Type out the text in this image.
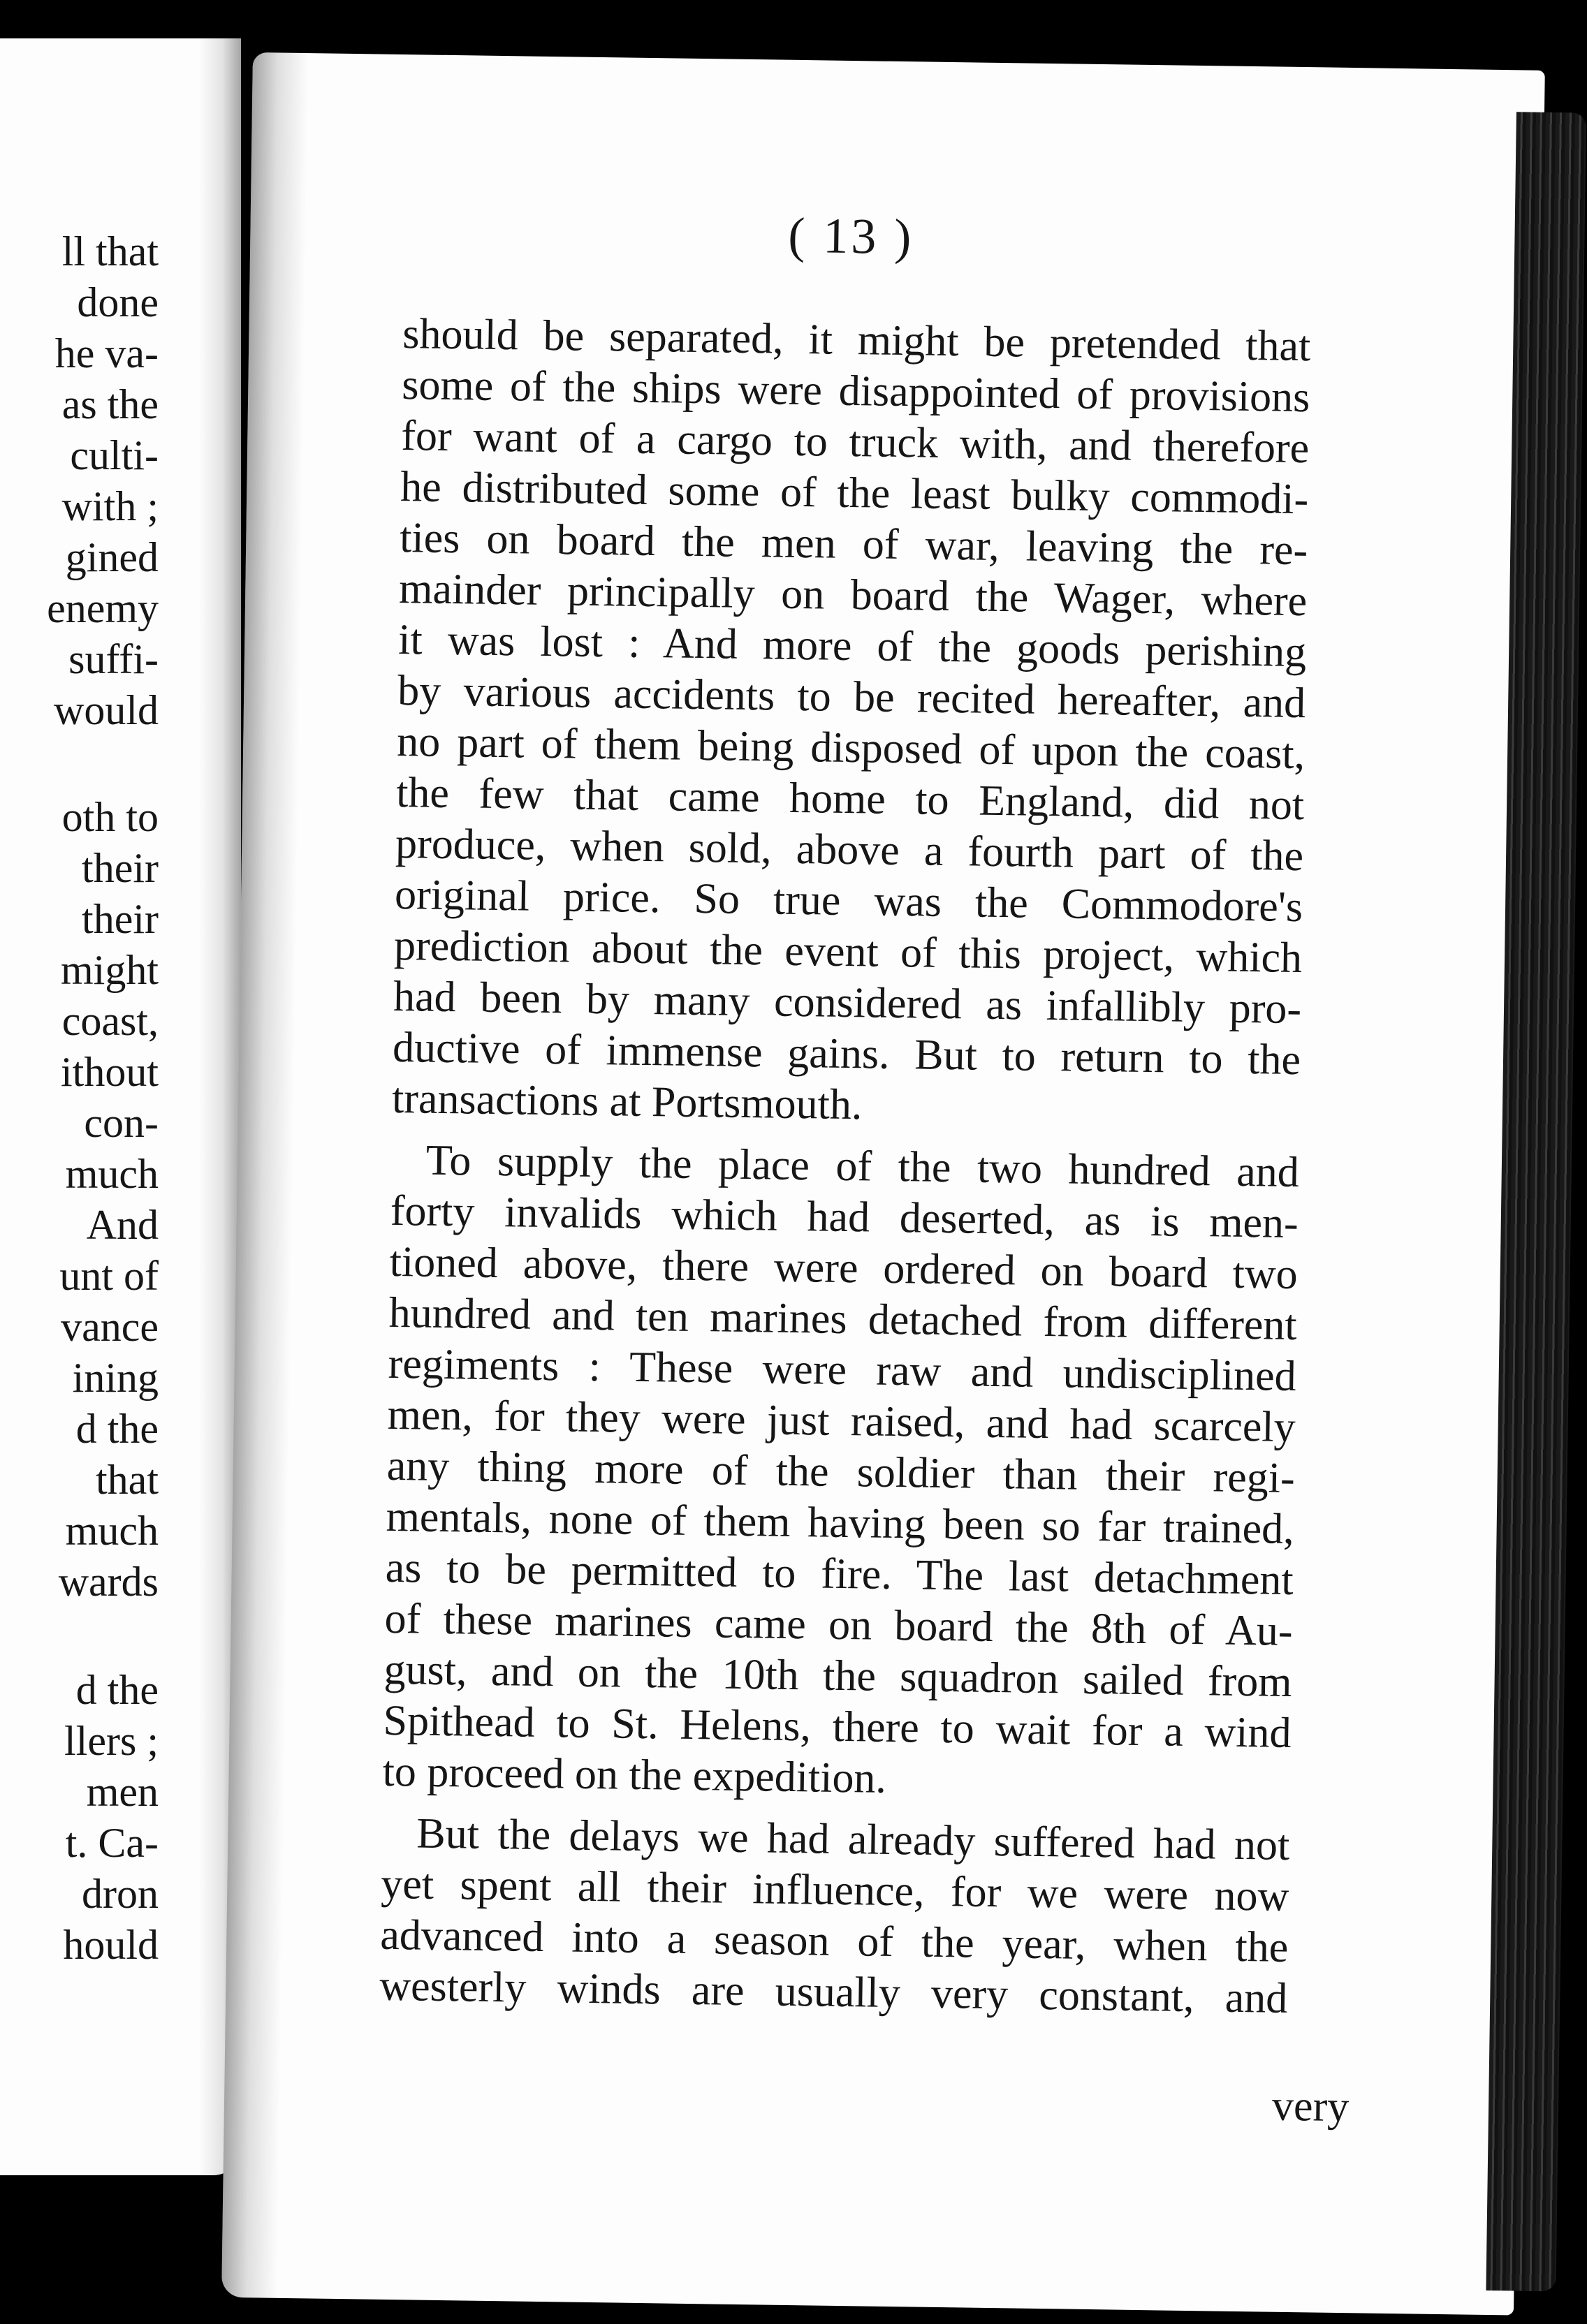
ll that
done
he va-
as the
culti-
with ;
gined
enemy
suffi-
would
oth to
their
their
might
coast,
ithout
con-
much
And
unt of
vance
ining
d the
that
much
wards
d the
llers ;
men
t. Ca-
dron
hould
( 13 )
should be separated, it might be pretended that
some of the ships were disappointed of provisions
for want of a cargo to truck with, and therefore
he distributed some of the least bulky commodi-
ties on board the men of war, leaving the re-
mainder principally on board the Wager, where
it was lost : And more of the goods perishing
by various accidents to be recited hereafter, and
no part of them being disposed of upon the coast,
the few that came home to England, did not
produce, when sold, above a fourth part of the
original price. So true was the Commodore's
prediction about the event of this project, which
had been by many considered as infallibly pro-
ductive of immense gains. But to return to the
transactions at Portsmouth.
To supply the place of the two hundred and
forty invalids which had deserted, as is men-
tioned above, there were ordered on board two
hundred and ten marines detached from different
regiments : These were raw and undisciplined
men, for they were just raised, and had scarcely
any thing more of the soldier than their regi-
mentals, none of them having been so far trained,
as to be permitted to fire. The last detachment
of these marines came on board the 8th of Au-
gust, and on the 10th the squadron sailed from
Spithead to St. Helens, there to wait for a wind
to proceed on the expedition.
But the delays we had already suffered had not
yet spent all their influence, for we were now
advanced into a season of the year, when the
westerly winds are usually very constant, and
very
